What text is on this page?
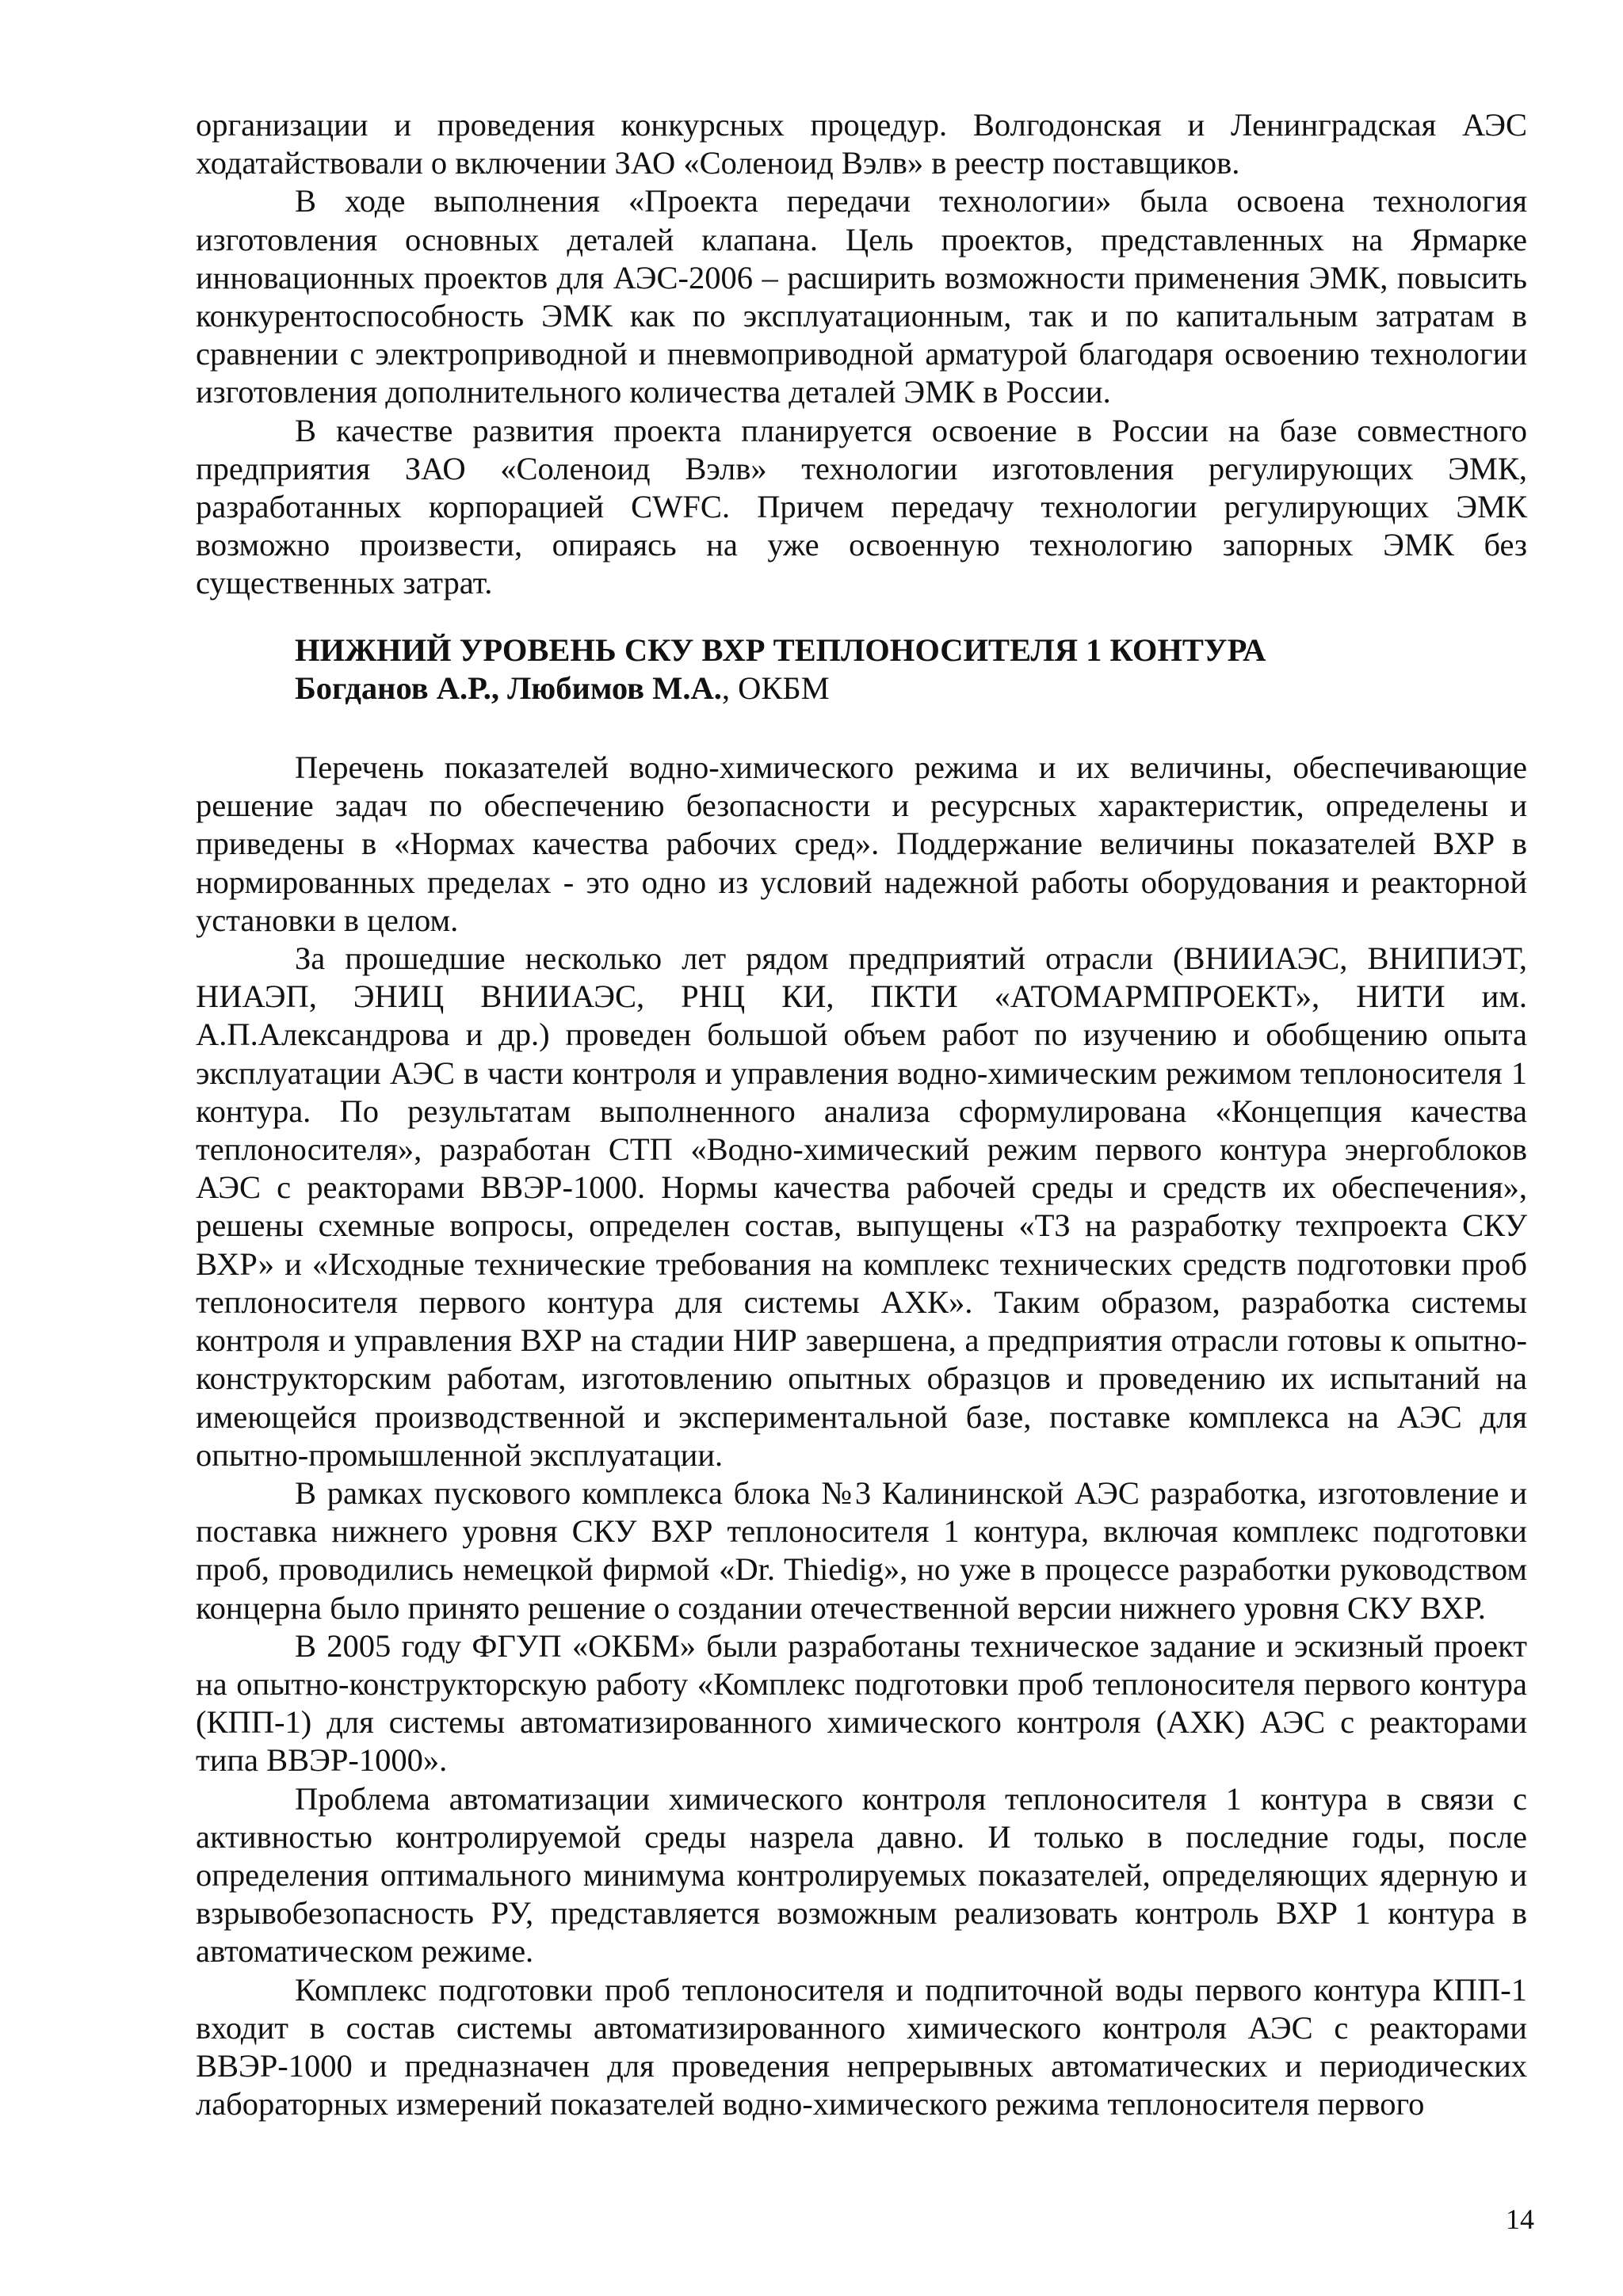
организации и проведения конкурсных процедур. Волгодонская и Ленинградская АЭС ходатайствовали о включении ЗАО «Соленоид Вэлв» в реестр поставщиков.

В ходе выполнения «Проекта передачи технологии» была освоена технология изготовления основных деталей клапана. Цель проектов, представленных на Ярмарке инновационных проектов для АЭС-2006 – расширить возможности применения ЭМК, повысить конкурентоспособность ЭМК как по эксплуатационным, так и по капитальным затратам в сравнении с электроприводной и пневмоприводной арматурой благодаря освоению технологии изготовления дополнительного количества деталей ЭМК в России.

В качестве развития проекта планируется освоение в России на базе совместного предприятия ЗАО «Соленоид Вэлв» технологии изготовления регулирующих ЭМК, разработанных корпорацией CWFC. Причем передачу технологии регулирующих ЭМК возможно произвести, опираясь на уже освоенную технологию запорных ЭМК без существенных затрат.

НИЖНИЙ УРОВЕНЬ СКУ ВХР ТЕПЛОНОСИТЕЛЯ 1 КОНТУРА

Богданов А.Р., Любимов М.А., ОКБМ

Перечень показателей водно-химического режима и их величины, обеспечивающие решение задач по обеспечению безопасности и ресурсных характеристик, определены и приведены в «Нормах качества рабочих сред». Поддержание величины показателей ВХР в нормированных пределах - это одно из условий надежной работы оборудования и реакторной установки в целом.

За прошедшие несколько лет рядом предприятий отрасли (ВНИИАЭС, ВНИПИЭТ, НИАЭП, ЭНИЦ ВНИИАЭС, РНЦ КИ, ПКТИ «АТОМАРМПРОЕКТ», НИТИ им. А.П.Александрова и др.) проведен большой объем работ по изучению и обобщению опыта эксплуатации АЭС в части контроля и управления водно-химическим режимом теплоносителя 1 контура. По результатам выполненного анализа сформулирована «Концепция качества теплоносителя», разработан СТП «Водно-химический режим первого контура энергоблоков АЭС с реакторами ВВЭР-1000. Нормы качества рабочей среды и средств их обеспечения», решены схемные вопросы, определен состав, выпущены «ТЗ на разработку техпроекта СКУ ВХР» и «Исходные технические требования на комплекс технических средств подготовки проб теплоносителя первого контура для системы АХК». Таким образом, разработка системы контроля и управления ВХР на стадии НИР завершена, а предприятия отрасли готовы к опытно-конструкторским работам, изготовлению опытных образцов и проведению их испытаний на имеющейся производственной и экспериментальной базе, поставке комплекса на АЭС для опытно-промышленной эксплуатации.

В рамках пускового комплекса блока №3 Калининской АЭС разработка, изготовление и поставка нижнего уровня СКУ ВХР теплоносителя 1 контура, включая комплекс подготовки проб, проводились немецкой фирмой «Dr. Thiedig», но уже в процессе разработки руководством концерна было принято решение о создании отечественной версии нижнего уровня СКУ ВХР.

В 2005 году ФГУП «ОКБМ» были разработаны техническое задание и эскизный проект на опытно-конструкторскую работу «Комплекс подготовки проб теплоносителя первого контура (КПП-1) для системы автоматизированного химического контроля (АХК) АЭС с реакторами типа ВВЭР-1000».

Проблема автоматизации химического контроля теплоносителя 1 контура в связи с активностью контролируемой среды назрела давно. И только в последние годы, после определения оптимального минимума контролируемых показателей, определяющих ядерную и взрывобезопасность РУ, представляется возможным реализовать контроль ВХР 1 контура в автоматическом режиме.

Комплекс подготовки проб теплоносителя и подпиточной воды первого контура КПП-1 входит в состав системы автоматизированного химического контроля АЭС с реакторами ВВЭР-1000 и предназначен для проведения непрерывных автоматических и периодических лабораторных измерений показателей водно-химического режима теплоносителя первого

14
